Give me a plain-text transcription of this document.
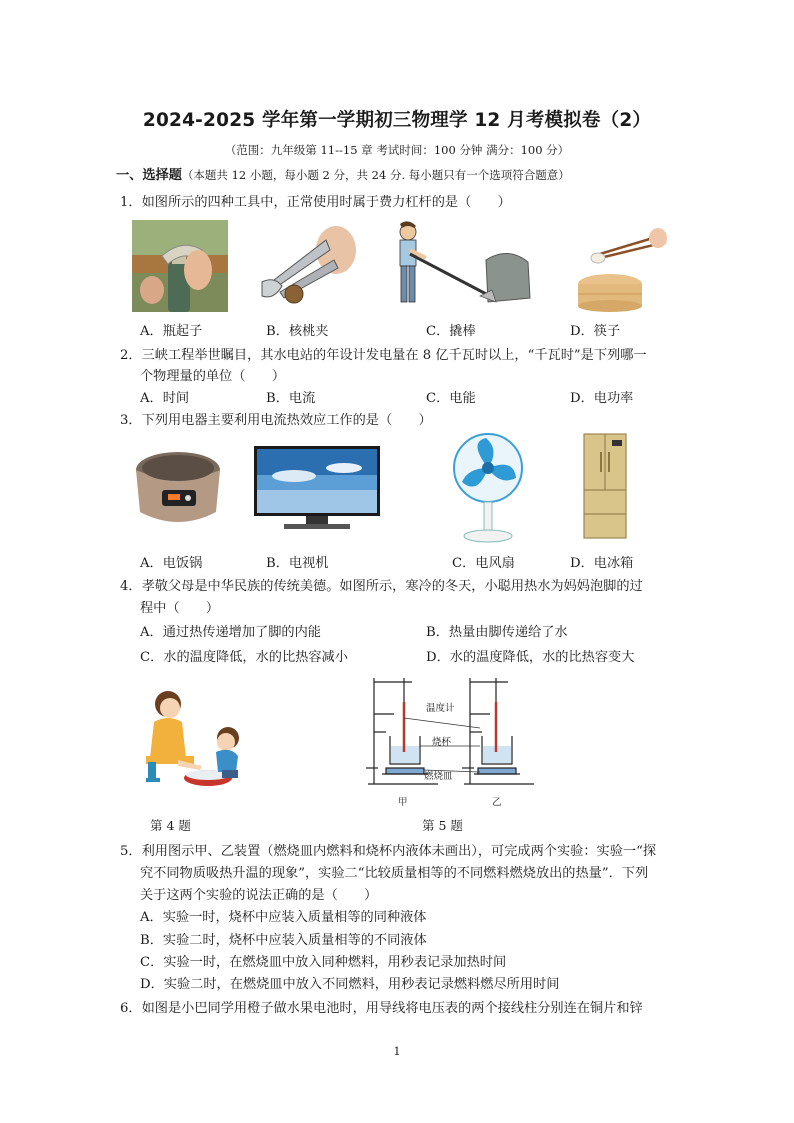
2024-2025 学年第一学期初三物理学 12 月考模拟卷（2）
（范围：九年级第 11--15 章 考试时间：100 分钟 满分：100 分）
一、选择题（本题共 12 小题，每小题 2 分，共 24 分. 每小题只有一个选项符合题意）
1．如图所示的四种工具中，正常使用时属于费力杠杆的是（　　）
A．瓶起子	B．核桃夹	C．撬棒	D．筷子
2．三峡工程举世瞩目，其水电站的年设计发电量在 8 亿千瓦时以上，“千瓦时”是下列哪一
个物理量的单位（　　）
A．时间	B．电流	C．电能	D．电功率
3．下列用电器主要利用电流热效应工作的是（　　）
A．电饭锅	B．电视机	C．电风扇	D．电冰箱
4．孝敬父母是中华民族的传统美德。如图所示，寒冷的冬天，小聪用热水为妈妈泡脚的过
程中（　　）
A．通过热传递增加了脚的内能	B．热量由脚传递给了水
C．水的温度降低，水的比热容减小	D．水的温度降低，水的比热容变大
第 4 题
温度计
烧杯
燃烧皿
甲	乙
第 5 题
5．利用图示甲、乙装置（燃烧皿内燃料和烧杯内液体未画出），可完成两个实验：实验一“探
究不同物质吸热升温的现象”，实验二“比较质量相等的不同燃料燃烧放出的热量”．下列
关于这两个实验的说法正确的是（　　）
A．实验一时，烧杯中应装入质量相等的同种液体
B．实验二时，烧杯中应装入质量相等的不同液体
C．实验一时，在燃烧皿中放入同种燃料，用秒表记录加热时间
D．实验二时，在燃烧皿中放入不同燃料，用秒表记录燃料燃尽所用时间
6．如图是小巴同学用橙子做水果电池时，用导线将电压表的两个接线柱分别连在铜片和锌
1
